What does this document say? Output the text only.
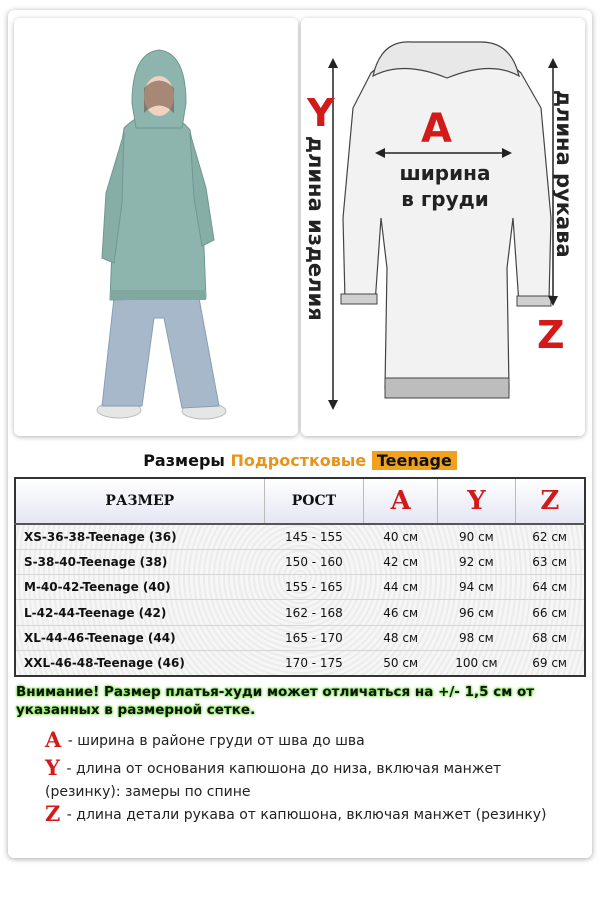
Y A
Z
ширина
в груди
длина изделия	длина рукава
Размеры Подростковые Teenage
РАЗМЕР	РОСТ	A	Y	Z
XS-36-38-Teenage (36)	145 - 155	40 см	90 см	62 см
S-38-40-Teenage (38)	150 - 160	42 см	92 см	63 см
M-40-42-Teenage (40)	155 - 165	44 см	94 см	64 см
L-42-44-Teenage (42)	162 - 168	46 см	96 см	66 см
XL-44-46-Teenage (44)	165 - 170	48 см	98 см	68 см
XXL-46-48-Teenage (46)	170 - 175	50 см	100 см	69 см
Внимание! Размер платья-худи может отличаться на +/- 1,5 см от указанных в размерной сетке.
A - ширина в районе груди от шва до шва
Y - длина от основания капюшона до низа, включая манжет (резинку): замеры по спине
Z - длина детали рукава от капюшона, включая манжет (резинку)
